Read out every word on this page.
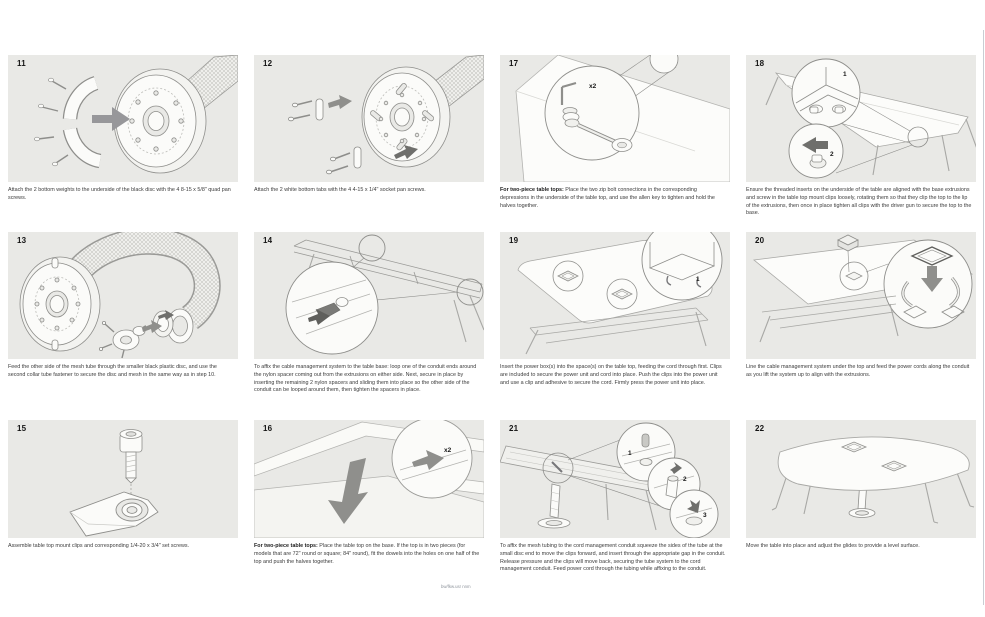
11
Attach the 2 bottom weights to the underside of the black disc with the 4 8-15 x 5/8" quad pan screws.
12
Attach the 2 white bottom tabs with the 4 4-15 x 1/4" socket pan screws.
17
x2
For two-piece table tops: Place the two zip bolt connections in the corresponding depressions in the underside of the table top, and use the allen key to tighten and hold the halves together.
18
1
2
Ensure the threaded inserts on the underside of the table are aligned with the base extrusions and screw in the table top mount clips loosely, rotating them so that they clip the top to the lip of the extrusions, then once in place tighten all clips with the driver gun to secure the top to the base.
13
Feed the other side of the mesh tube through the smaller black plastic disc, and use the second collar tube fastener to secure the disc and mesh in the same way as in step 10.
14
To affix the cable management system to the table base: loop one of the conduit ends around the nylon spacer coming out from the extrusions on either side. Next, secure in place by inserting the remaining 2 nylon spacers and sliding them into place so the other side of the conduit can be looped around them, then tighten the spacers in place.
19
1
Insert the power box(s) into the space(s) on the table top, feeding the cord through first. Clips are included to secure the power unit and cord into place. Push the clips into the power unit and use a clip and adhesive to secure the cord. Firmly press the power unit into place.
20
Line the cable management system under the top and feed the power cords along the conduit as you lift the system up to align with the extrusions.
15
Assemble table top mount clips and corresponding 1/4-20 x 3/4" set screws.
16
x2
For two-piece table tops: Place the table top on the base. If the top is in two pieces (for models that are 72" round or square; 84" round), fit the dowels into the holes on one half of the top and push the halves together.
21
1
2
3
To affix the mesh tubing to the cord management conduit squeeze the sides of the tube at the small disc end to move the clips forward, and insert through the appropriate gap in the conduit. Release pressure and the clips will move back, securing the tube system to the cord management conduit. Feed power cord through the tubing while affixing to the conduit.
22
Move the table into place and adjust the glides to provide a level surface.
bw/fkw.usr nnm
